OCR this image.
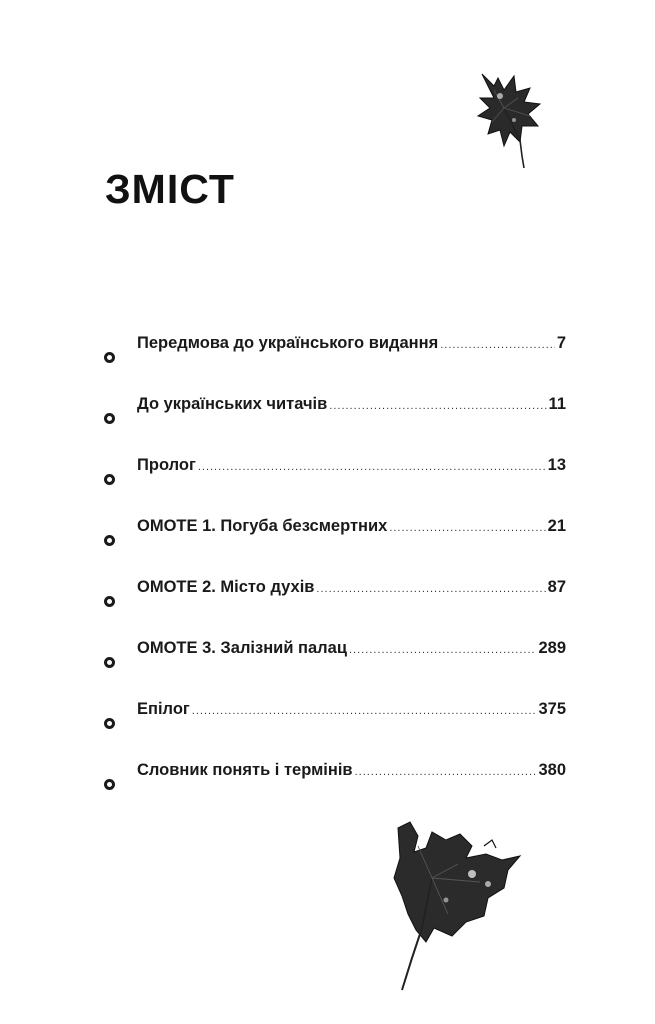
ЗМІСТ
Передмова до українського видання .....	7
До українських читачів .....	11
Пролог .....	13
OMOTE 1. Погуба безсмертних .....	21
OMOTE 2. Місто духів .....	87
OMOTE 3. Залізний палац .....	289
Епілог .....	375
Словник понять і термінів .....	380
